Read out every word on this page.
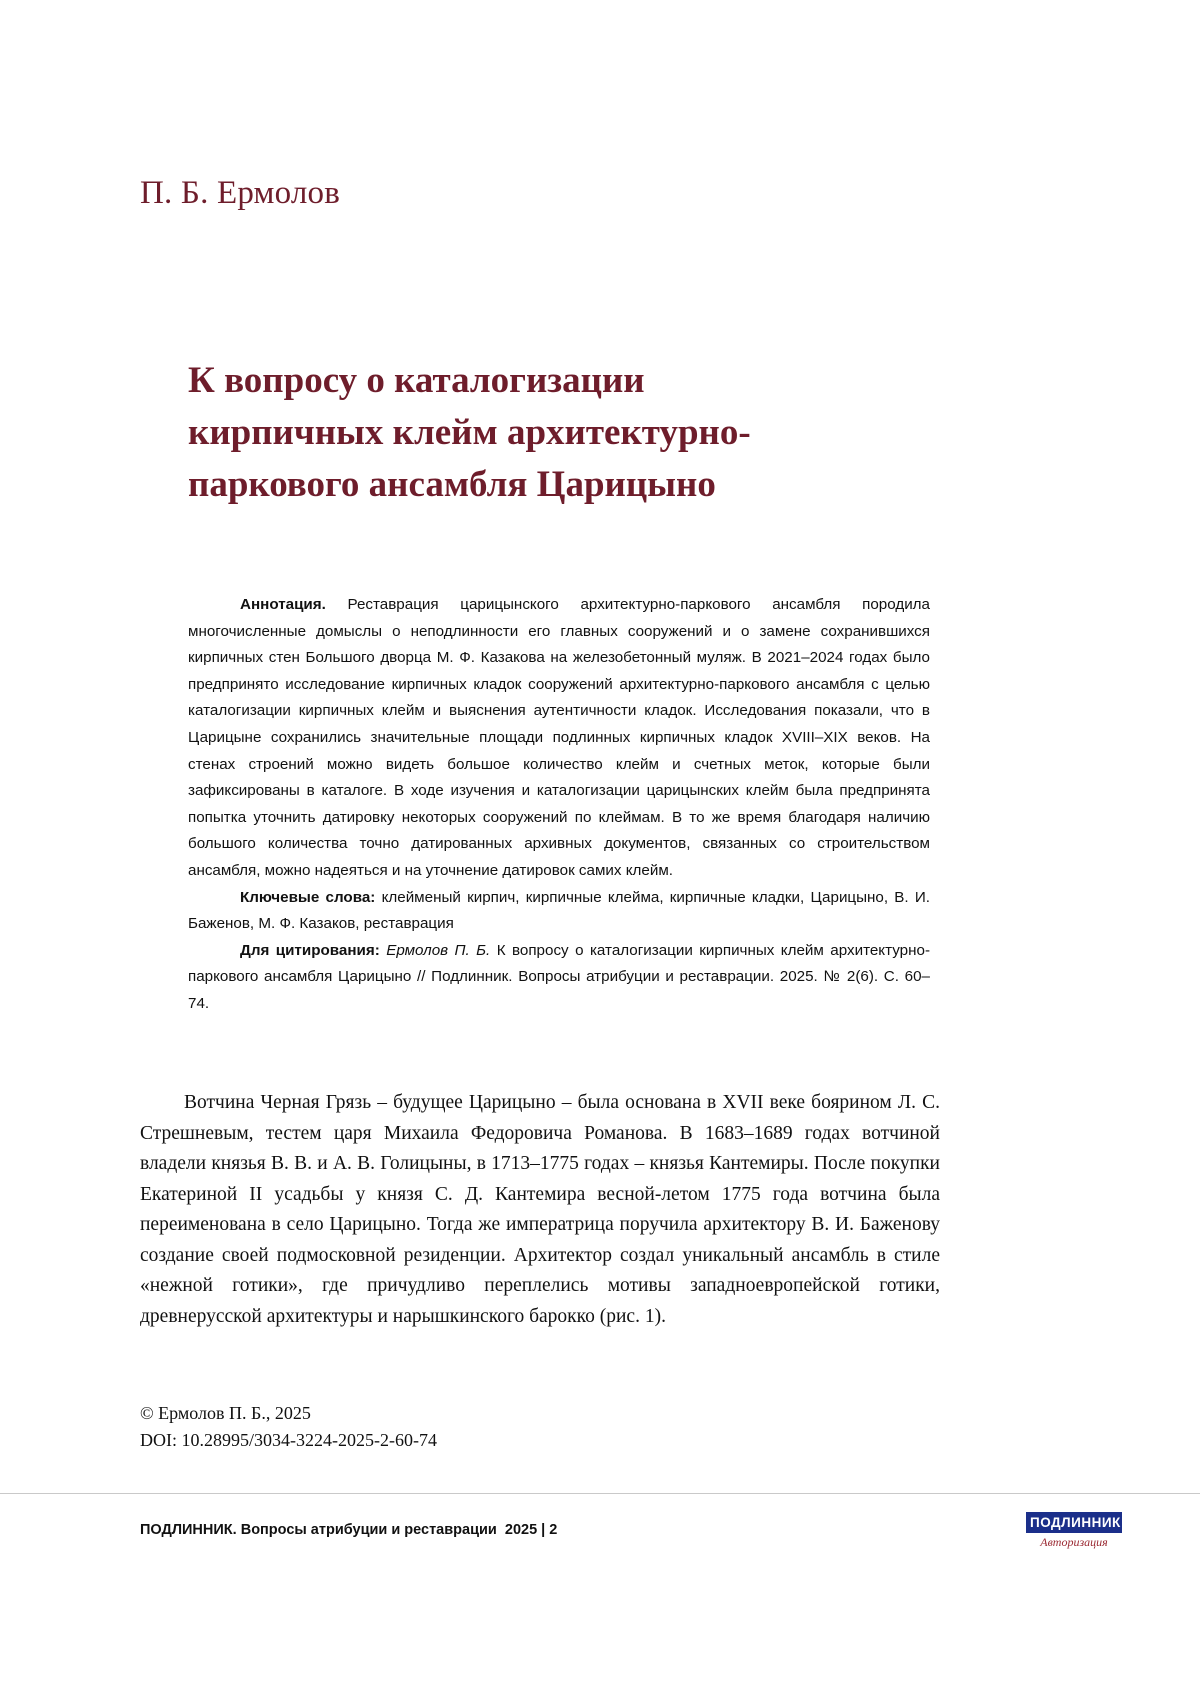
П. Б. Ермолов
К вопросу о каталогизации
кирпичных клейм архитектурно-
паркового ансамбля Царицыно

Аннотация. Реставрация царицынского архитектурно-паркового ансамбля породила многочисленные домыслы о неподлинности его главных сооружений и о замене сохранившихся кирпичных стен Большого дворца М. Ф. Казакова на железобетонный муляж. В 2021–2024 годах было предпринято исследование кирпичных кладок сооружений архитектурно-паркового ансамбля с целью каталогизации кирпичных клейм и выяснения аутентичности кладок. Исследования показали, что в Царицыне сохранились значительные площади подлинных кирпичных кладок XVIII–XIX веков. На стенах строений можно видеть большое количество клейм и счетных меток, которые были зафиксированы в каталоге. В ходе изучения и каталогизации царицынских клейм была предпринята попытка уточнить датировку некоторых сооружений по клеймам. В то же время благодаря наличию большого количества точно датированных архивных документов, связанных со строительством ансамбля, можно надеяться и на уточнение датировок самих клейм.

Ключевые слова: клейменый кирпич, кирпичные клейма, кирпичные кладки, Царицыно, В. И. Баженов, М. Ф. Казаков, реставрация

Для цитирования: Ермолов П. Б. К вопросу о каталогизации кирпичных клейм архитектурно-паркового ансамбля Царицыно // Подлинник. Вопросы атрибуции и реставрации. 2025. № 2(6). С. 60–74.

Вотчина Черная Грязь – будущее Царицыно – была основана в XVII веке боярином Л. С. Стрешневым, тестем царя Михаила Федоровича Романова. В 1683–1689 годах вотчиной владели князья В. В. и А. В. Голицыны, в 1713–1775 годах – князья Кантемиры. После покупки Екатериной II усадьбы у князя С. Д. Кантемира весной-летом 1775 года вотчина была переименована в село Царицыно. Тогда же императрица поручила архитектору В. И. Баженову создание своей подмосковной резиденции. Архитектор создал уникальный ансамбль в стиле «нежной готики», где причудливо переплелись мотивы западноевропейской готики, древнерусской архитектуры и нарышкинского барокко (рис. 1).

© Ермолов П. Б., 2025
DOI: 10.28995/3034-3224-2025-2-60-74
ПОДЛИННИК. Вопросы атрибуции и реставрации 2025 | 2	ПОДЛИННИК
Авторизация
